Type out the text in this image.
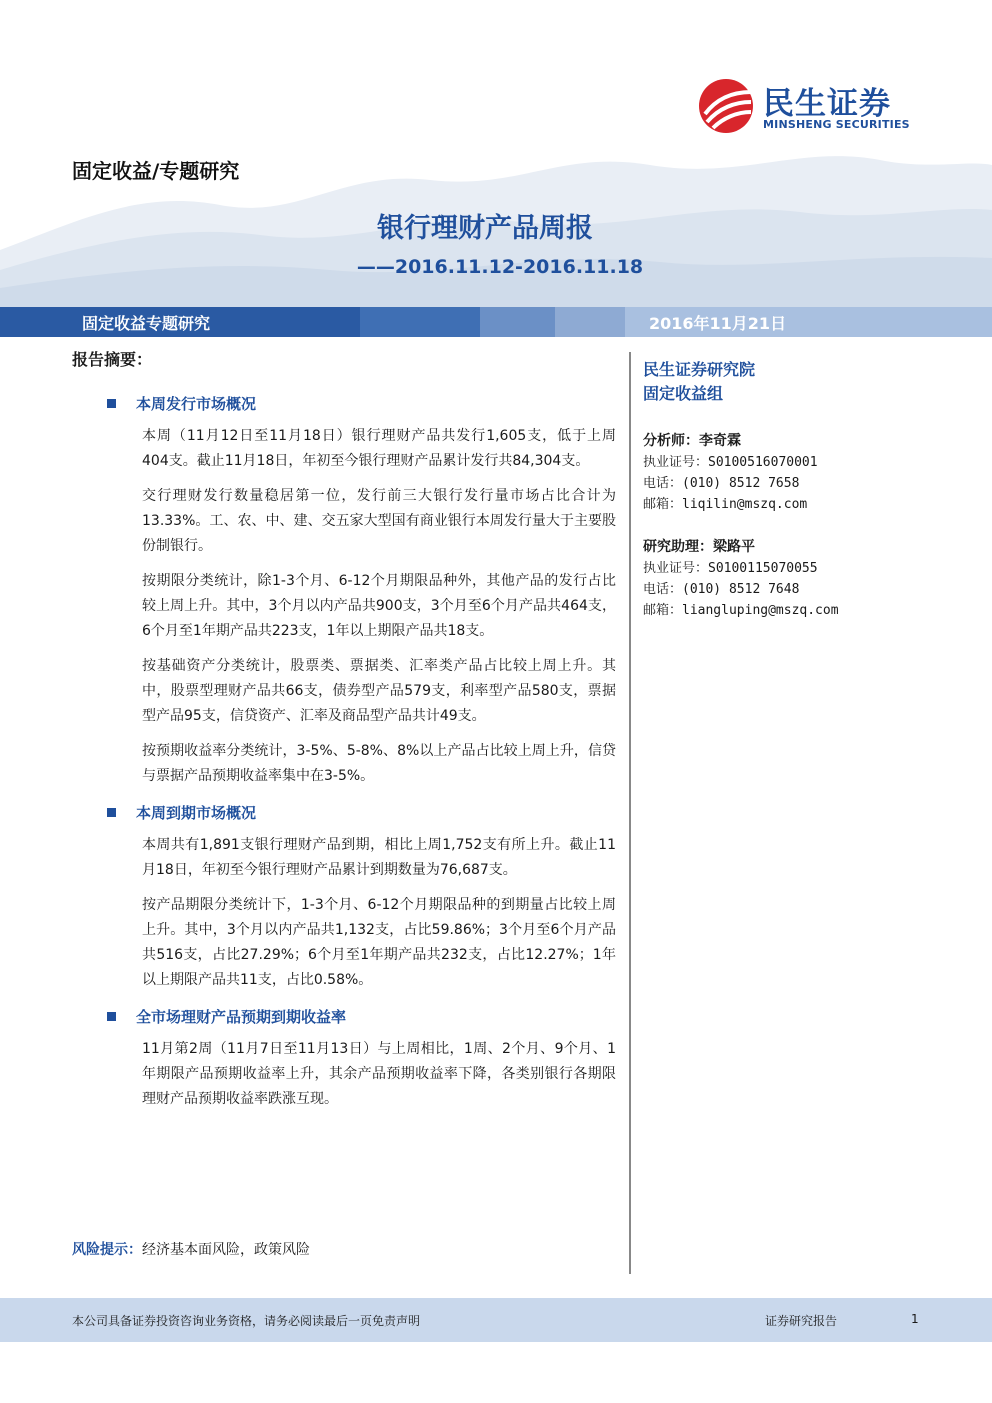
民生证券
MINSHENG SECURITIES
固定收益/专题研究
银行理财产品周报
——2016.11.12-2016.11.18
固定收益专题研究	2016年11月21日
报告摘要：
本周发行市场概况

本周（11月12日至11月18日）银行理财产品共发行1,605支，低于上周404支。截止11月18日，年初至今银行理财产品累计发行共84,304支。

交行理财发行数量稳居第一位，发行前三大银行发行量市场占比合计为13.33%。工、农、中、建、交五家大型国有商业银行本周发行量大于主要股份制银行。

按期限分类统计，除1-3个月、6-12个月期限品种外，其他产品的发行占比较上周上升。其中，3个月以内产品共900支，3个月至6个月产品共464支，6个月至1年期产品共223支，1年以上期限产品共18支。

按基础资产分类统计，股票类、票据类、汇率类产品占比较上周上升。其中，股票型理财产品共66支，债券型产品579支，利率型产品580支，票据型产品95支，信贷资产、汇率及商品型产品共计49支。

按预期收益率分类统计，3-5%、5-8%、8%以上产品占比较上周上升，信贷与票据产品预期收益率集中在3-5%。

本周到期市场概况

本周共有1,891支银行理财产品到期，相比上周1,752支有所上升。截止11月18日，年初至今银行理财产品累计到期数量为76,687支。

按产品期限分类统计下，1-3个月、6-12个月期限品种的到期量占比较上周上升。其中，3个月以内产品共1,132支，占比59.86%；3个月至6个月产品共516支，占比27.29%；6个月至1年期产品共232支，占比12.27%；1年以上期限产品共11支，占比0.58%。

全市场理财产品预期到期收益率

11月第2周（11月7日至11月13日）与上周相比，1周、2个月、9个月、1年期限产品预期收益率上升，其余产品预期收益率下降，各类别银行各期限理财产品预期收益率跌涨互现。

风险提示：经济基本面风险，政策风险
民生证券研究院
固定收益组
分析师：李奇霖
执业证号：S0100516070001
电话：(010) 8512 7658
邮箱：liqilin@mszq.com
研究助理：梁路平
执业证号：S0100115070055
电话：(010) 8512 7648
邮箱：liangluping@mszq.com
本公司具备证券投资咨询业务资格，请务必阅读最后一页免责声明	证券研究报告	1
